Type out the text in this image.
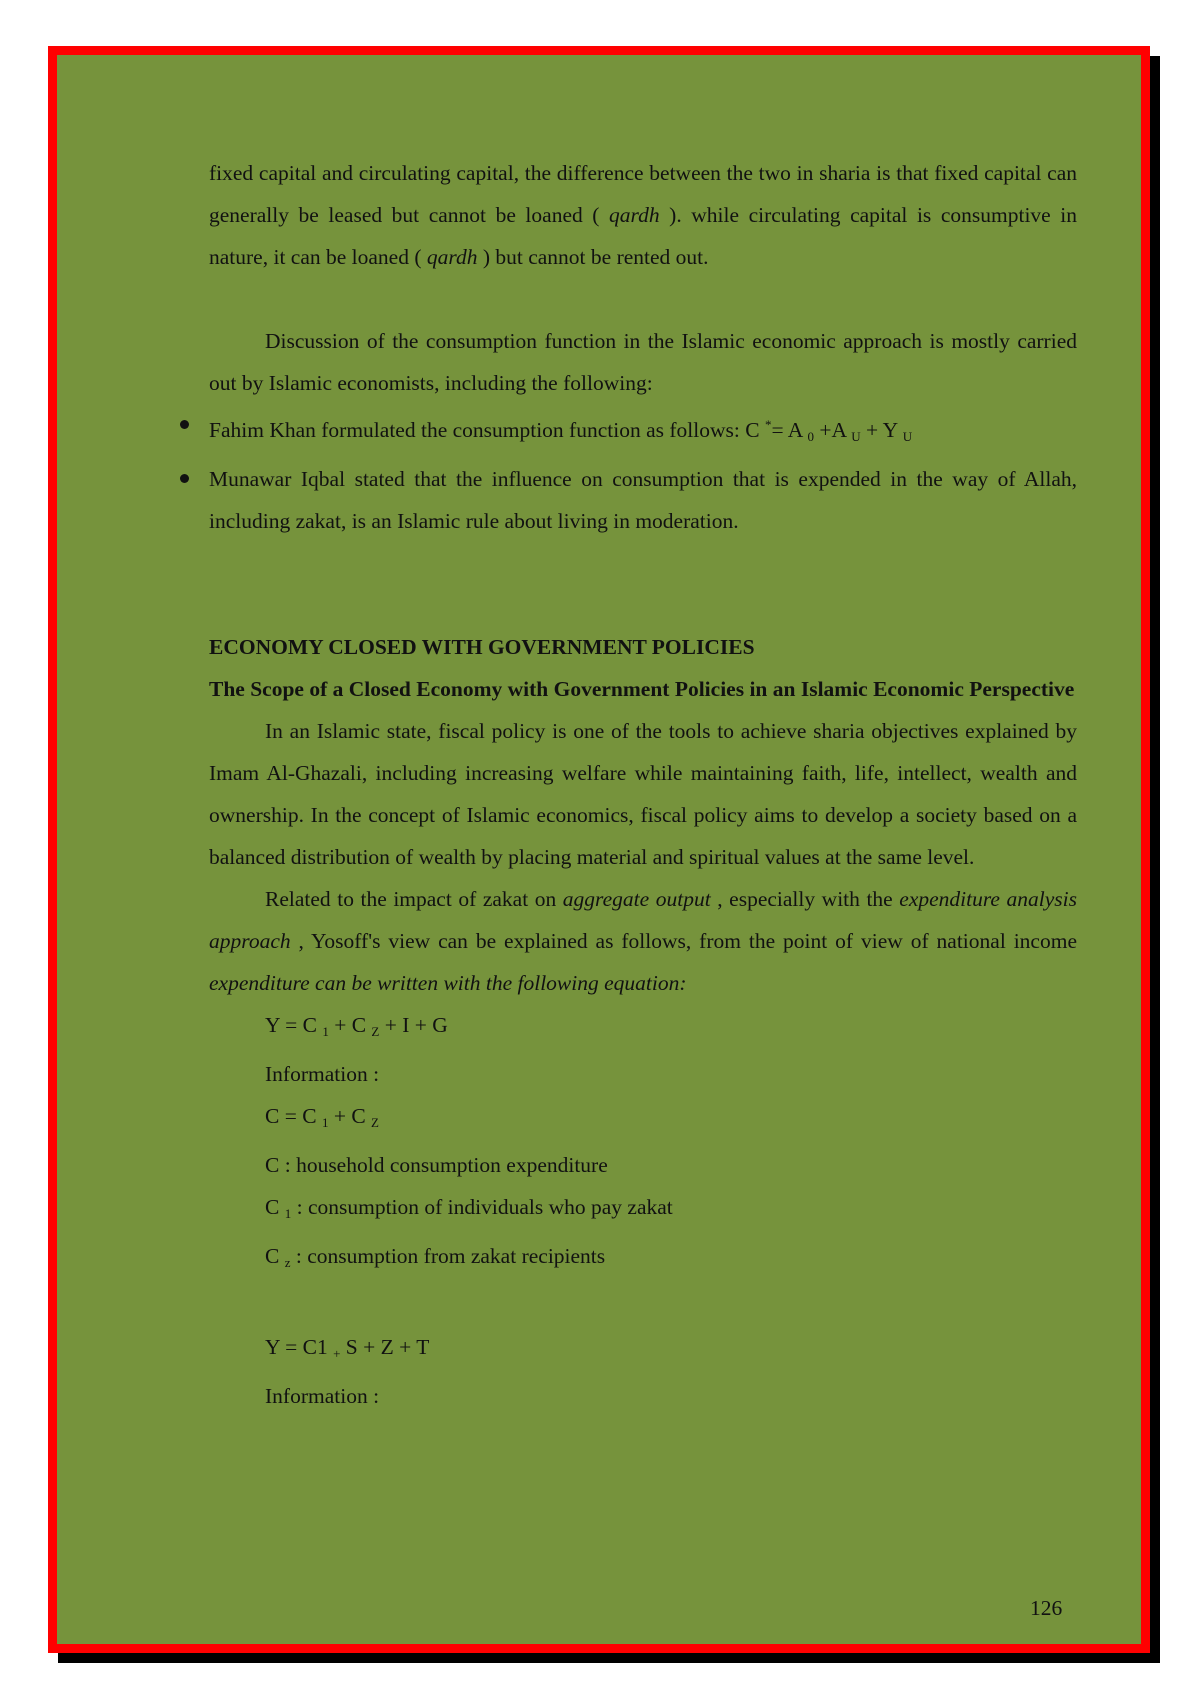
fixed capital and circulating capital, the difference between the two in sharia is that fixed capital can generally be leased but cannot be loaned ( qardh ). while circulating capital is consumptive in nature, it can be loaned ( qardh ) but cannot be rented out.

Discussion of the consumption function in the Islamic economic approach is mostly carried out by Islamic economists, including the following:

Fahim Khan formulated the consumption function as follows: C *= A $_0$ +A $_U$ + Y $_U$
Munawar Iqbal stated that the influence on consumption that is expended in the way of Allah, including zakat, is an Islamic rule about living in moderation.

ECONOMY CLOSED WITH GOVERNMENT POLICIES

The Scope of a Closed Economy with Government Policies in an Islamic Economic Perspective

In an Islamic state, fiscal policy is one of the tools to achieve sharia objectives explained by Imam Al-Ghazali, including increasing welfare while maintaining faith, life, intellect, wealth and ownership. In the concept of Islamic economics, fiscal policy aims to develop a society based on a balanced distribution of wealth by placing material and spiritual values at the same level.

Related to the impact of zakat on aggregate output , especially with the expenditure analysis approach , Yosoff's view can be explained as follows, from the point of view of national income expenditure can be written with the following equation:

Y = C $_1$ + C $_Z$ + I + G

Information :

C = C $_1$ + C $_Z$

C : household consumption expenditure

C $_1$ : consumption of individuals who pay zakat

C $_z$ : consumption from zakat recipients

Y = C1 $_+$ S + Z + T

Information :

126
